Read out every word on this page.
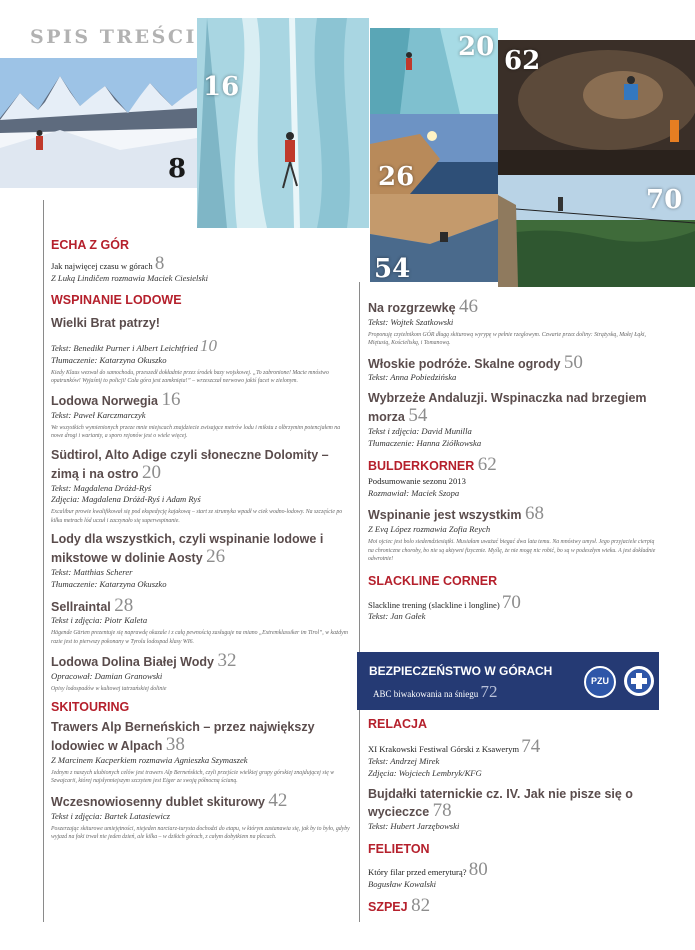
SPIS TREŚCI
8
16
20 62
26
54
70
ECHA Z GÓR

Jak najwięcej czasu w górach 8

Z Luką Lindičem rozmawia Maciek Ciesielski

WSPINANIE LODOWE

Wielki Brat patrzy!

Tekst: Benedikt Purner i Albert Leichtfried 10

Tłumaczenie: Katarzyna Okuszko

Kiedy Klaus wezwał do samochodu, przeszedł dokładnie przez środek bazy wojskowej. „To zabronione! Macie mnóstwo opatrunków! Wyjaśnij to policji! Cała góra jest zamknięta!” – wrzeszczał nerwowo jakiś facet w zielonym.

Lodowa Norwegia 16

Tekst: Paweł Karczmarczyk

We wszystkich wymienionych przeze mnie miejscach znajdziecie zwisające metrów lodu i mikstu z olbrzymim potencjałem na nowe drogi i warianty, a sporo rejonów jest o wiele więcej.

Südtirol, Alto Adige czyli słoneczne Dolomity – zimą i na ostro 20

Tekst: Magdalena Dróżd-Ryś

Zdjęcia: Magdalena Dróżd-Ryś i Adam Ryś

Excalibur prowie kwalifikował się pod ekspedycję kajakową – start ze strumyka wpadł w ciek wodno-lodowy. Na szczęście po kilku metrach lód uczuł i zaczynało się superwspinanie.

Lody dla wszystkich, czyli wspinanie lodowe i mikstowe w dolinie Aosty 26

Tekst: Matthias Scherer

Tłumaczenie: Katarzyna Okuszko

Sellraintal 28

Tekst i zdjęcia: Piotr Kaleta

Hägende Gärten prezentuje się naprawdę okazale i z całą pewnością zasługuje na miano „Extremklassiker im Tirol”, w każdym razie jest to pierwszy pokonany w Tyrolu lodospad klasy WI6.

Lodowa Dolina Białej Wody 32

Opracował: Damian Granowski

Opisy lodospadów w kultowej tatrzańskiej dolinie

SKITOURING

Trawers Alp Berneńskich – przez największy lodowiec w Alpach 38

Z Marcinem Kacperkiem rozmawia Agnieszka Szymaszek

Jednym z naszych ulubionych celów jest trawers Alp Berneńskich, czyli przejście wielkiej grupy górskiej znajdującej się w Szwajcarii, której najsłynniejszym szczytem jest Eiger ze swoją północną ścianą.

Wczesnowiosenny dublet skiturowy 42

Tekst i zdjęcia: Bartek Latasiewicz

Poszerzając skiturowe umiejętności, niejeden narciarz-turysta dochodzi do etapu, w którym zastanawia się, jak by to było, gdyby wyjazd na foki trwał nie jeden dzień, ale kilka – w dzikich górach, z całym dobytkiem na plecach.

Na rozgrzewkę 46

Tekst: Wojtek Szatkowski

Proponuję czytelnikom GÓR długą skiturową wyrypę w pełnie rzeglowym. Czwarte przez doliny: Strążyską, Małej Łąki, Miętusią, Kościeliską, i Tomanową.

Włoskie podróże. Skalne ogrody 50

Tekst: Anna Pobiedzińska

Wybrzeże Andaluzji. Wspinaczka nad brzegiem morza 54

Tekst i zdjęcia: David Munilla

Tłumaczenie: Hanna Ziółkowska

BULDERKORNER 62

Podsumowanie sezonu 2013

Rozmawiał: Maciek Szopa

Wspinanie jest wszystkim 68

Z Evą López rozmawia Zofia Reych

Moi ojciec jest bolo siedemdziesiątki. Musiałam uważać biegać dwa lata temu. Na mnóstwy umysł. Jego przyjaciele cierpią na chroniczne choroby, bo nie są aktywni fizycznie. Myślę, że nie mogę nic robić, bo są w podeszłym wieku. A jest dokładnie odwrotnie!

SLACKLINE CORNER

Slackline trening (slackline i longline) 70

Tekst: Jan Gałek

BEZPIECZEŃSTWO W GÓRACH

ABC biwakowania na śniegu 72

PZU
RELACJA

XI Krakowski Festiwal Górski z Ksawerym 74

Tekst: Andrzej Mirek

Zdjęcia: Wojciech Lembryk/KFG

Bujdałki taternickie cz. IV. Jak nie pisze się o wycieczce 78

Tekst: Hubert Jarzębowski

FELIETON

Który filar przed emeryturą? 80

Bogusław Kowalski

SZPEJ 82
